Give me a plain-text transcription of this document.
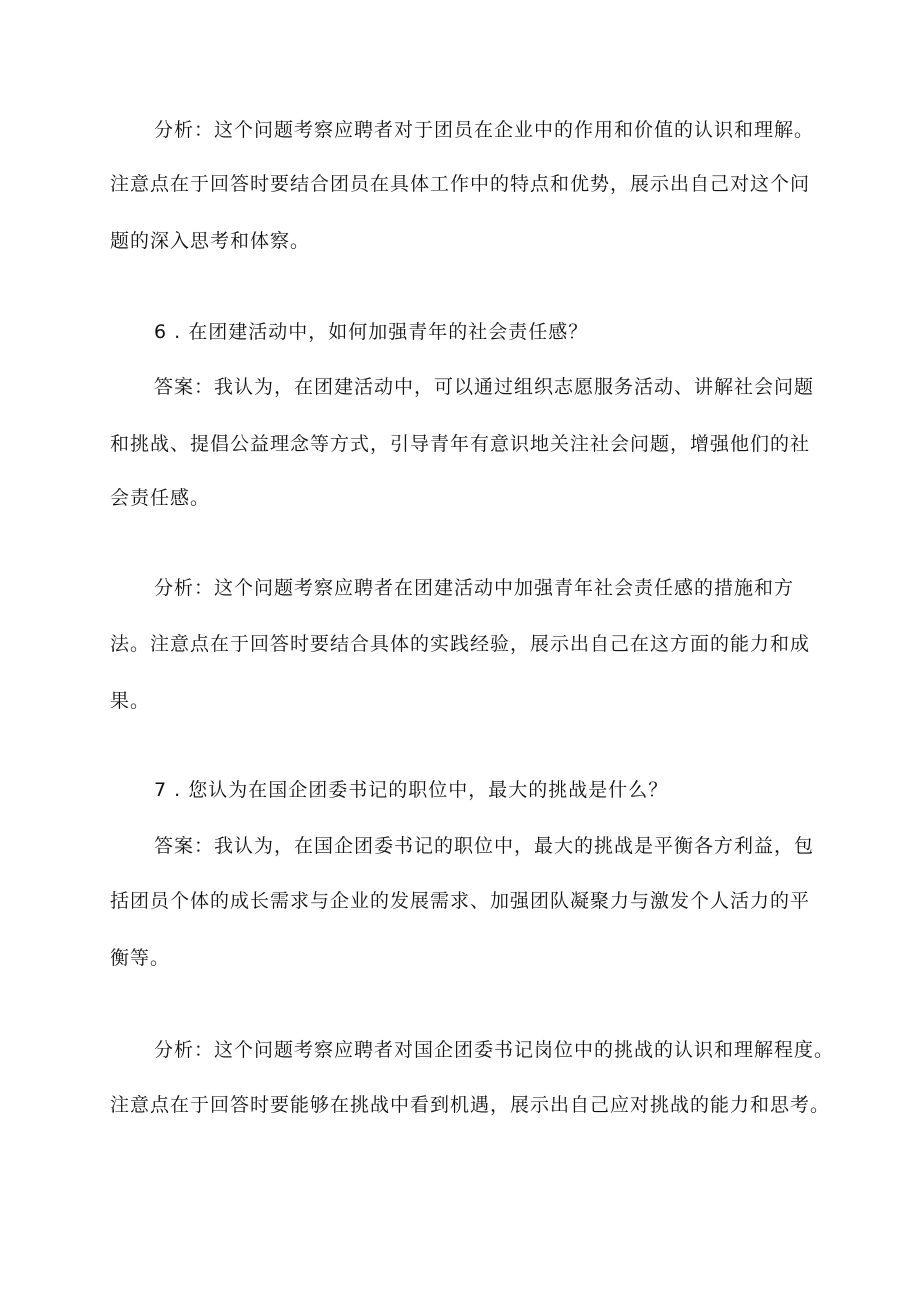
分析：这个问题考察应聘者对于团员在企业中的作用和价值的认识和理解。
注意点在于回答时要结合团员在具体工作中的特点和优势，展示出自己对这个问
题的深入思考和体察。
6 . 在团建活动中，如何加强青年的社会责任感？
答案：我认为，在团建活动中，可以通过组织志愿服务活动、讲解社会问题
和挑战、提倡公益理念等方式，引导青年有意识地关注社会问题，增强他们的社
会责任感。
分析：这个问题考察应聘者在团建活动中加强青年社会责任感的措施和方
法。注意点在于回答时要结合具体的实践经验，展示出自己在这方面的能力和成
果。
7 . 您认为在国企团委书记的职位中，最大的挑战是什么？
答案：我认为，在国企团委书记的职位中，最大的挑战是平衡各方利益，包
括团员个体的成长需求与企业的发展需求、加强团队凝聚力与激发个人活力的平
衡等。
分析：这个问题考察应聘者对国企团委书记岗位中的挑战的认识和理解程度。
注意点在于回答时要能够在挑战中看到机遇，展示出自己应对挑战的能力和思考。
